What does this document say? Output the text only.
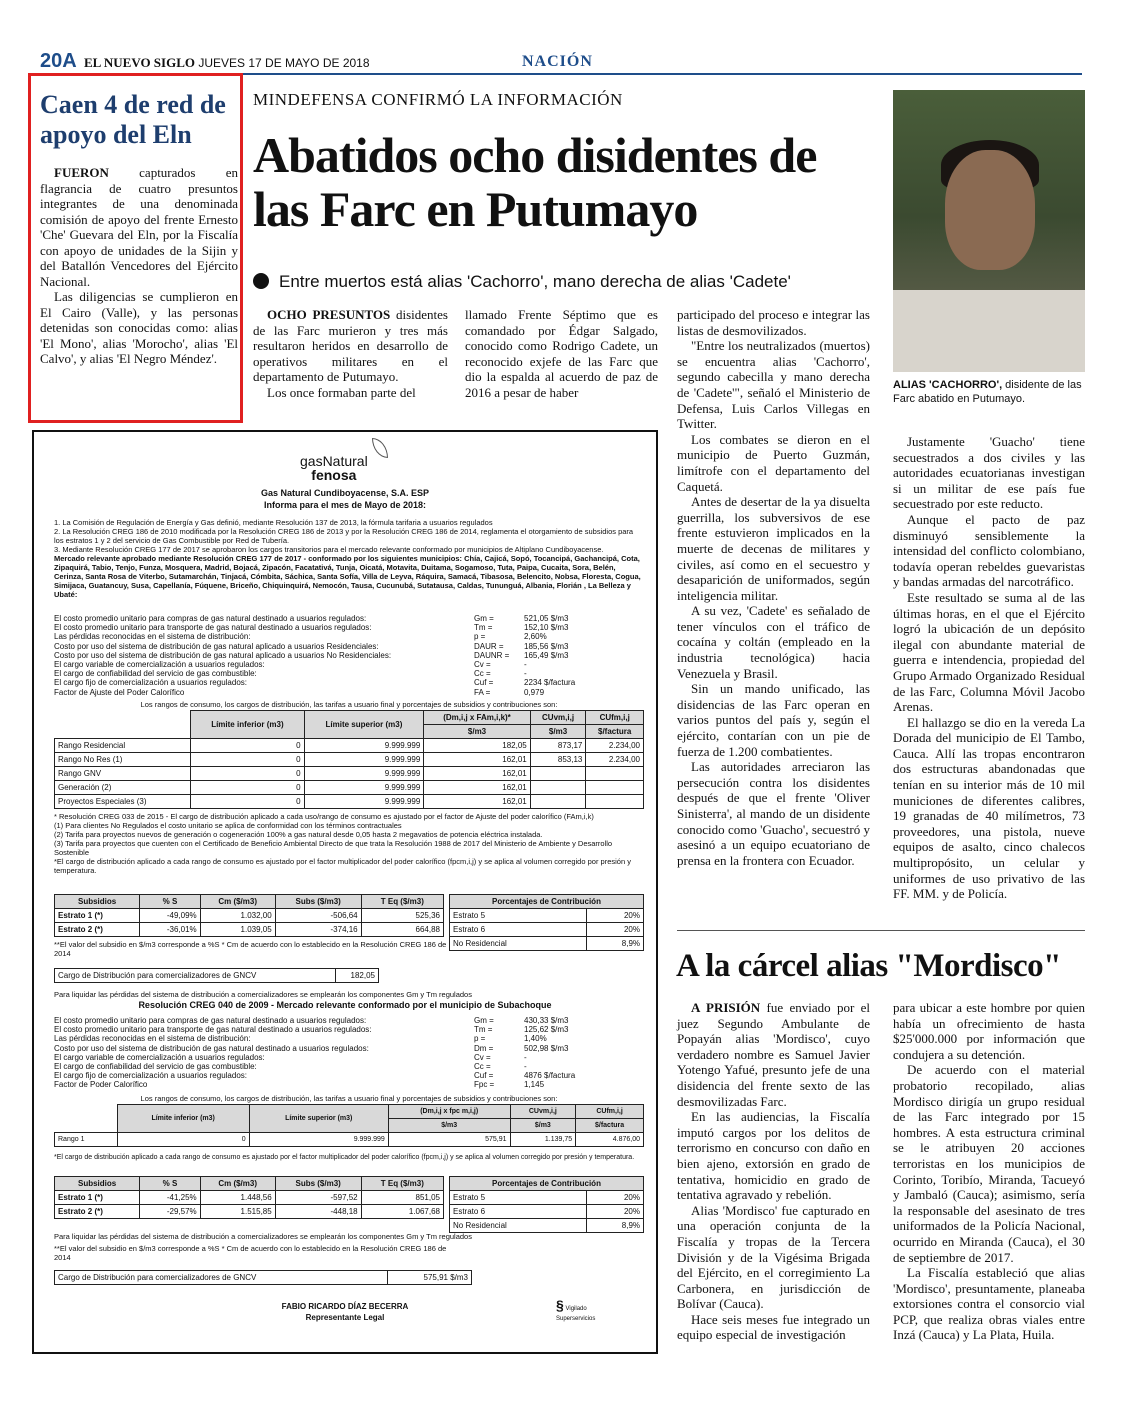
20A EL NUEVO SIGLO JUEVES 17 DE MAYO DE 2018	NACIÓN
Caen 4 de red de apoyo del Eln

FUERON capturados en flagrancia de cuatro presuntos integrantes de una denominada comisión de apoyo del frente Ernesto 'Che' Guevara del Eln, por la Fiscalía con apoyo de unidades de la Sijin y del Batallón Vencedores del Ejército Nacional.

Las diligencias se cumplieron en El Cairo (Valle), y las personas detenidas son conocidas como: alias 'El Mono', alias 'Morocho', alias 'El Calvo', y alias 'El Negro Méndez'.

MINDEFENSA CONFIRMÓ LA INFORMACIÓN
Abatidos ocho disidentes de las Farc en Putumayo
Entre muertos está alias 'Cachorro', mano derecha de alias 'Cadete'

OCHO PRESUNTOS disidentes de las Farc murieron y tres más resultaron heridos en desarrollo de operativos militares en el departamento de Putumayo.

Los once formaban parte del

llamado Frente Séptimo que es comandado por Édgar Salgado, conocido como Rodrigo Cadete, un reconocido exjefe de las Farc que dio la espalda al acuerdo de paz de 2016 a pesar de haber

participado del proceso e integrar las listas de desmovilizados.

"Entre los neutralizados (muertos) se encuentra alias 'Cachorro', segundo cabecilla y mano derecha de 'Cadete'", señaló el Ministerio de Defensa, Luis Carlos Villegas en Twitter.

Los combates se dieron en el municipio de Puerto Guzmán, limítrofe con el departamento del Caquetá.

Antes de desertar de la ya disuelta guerrilla, los subversivos de ese frente estuvieron implicados en la muerte de decenas de militares y civiles, así como en el secuestro y desaparición de uniformados, según inteligencia militar.

A su vez, 'Cadete' es señalado de tener vínculos con el tráfico de cocaína y coltán (empleado en la industria tecnológica) hacia Venezuela y Brasil.

Sin un mando unificado, las disidencias de las Farc operan en varios puntos del país y, según el ejército, contarían con un pie de fuerza de 1.200 combatientes.

Las autoridades arreciaron las persecución contra los disidentes después de que el frente 'Oliver Sinisterra', al mando de un disidente conocido como 'Guacho', secuestró y asesinó a un equipo ecuatoriano de prensa en la frontera con Ecuador.

ALIAS 'CACHORRO', disidente de las Farc abatido en Putumayo.

Justamente 'Guacho' tiene secuestrados a dos civiles y las autoridades ecuatorianas investigan si un militar de ese país fue secuestrado por este reducto.

Aunque el pacto de paz disminuyó sensiblemente la intensidad del conflicto colombiano, todavía operan rebeldes guevaristas y bandas armadas del narcotráfico.

Este resultado se suma al de las últimas horas, en el que el Ejército logró la ubicación de un depósito ilegal con abundante material de guerra e intendencia, propiedad del Grupo Armado Organizado Residual de las Farc, Columna Móvil Jacobo Arenas.

El hallazgo se dio en la vereda La Dorada del municipio de El Tambo, Cauca. Allí las tropas encontraron dos estructuras abandonadas que tenían en su interior más de 10 mil municiones de diferentes calibres, 19 granadas de 40 milímetros, 73 proveedores, una pistola, nueve equipos de asalto, cinco chalecos multipropósito, un celular y uniformes de uso privativo de las FF. MM. y de Policía.

A la cárcel alias "Mordisco"

A PRISIÓN fue enviado por el juez Segundo Ambulante de Popayán alias 'Mordisco', cuyo verdadero nombre es Samuel Javier Yotengo Yafué, presunto jefe de una disidencia del frente sexto de las desmovilizadas Farc.

En las audiencias, la Fiscalía imputó cargos por los delitos de terrorismo en concurso con daño en bien ajeno, extorsión en grado de tentativa, homicidio en grado de tentativa agravado y rebelión.

Alias 'Mordisco' fue capturado en una operación conjunta de la Fiscalía y tropas de la Tercera División y de la Vigésima Brigada del Ejército, en el corregimiento La Carbonera, en jurisdicción de Bolívar (Cauca).

Hace seis meses fue integrado un equipo especial de investigación

para ubicar a este hombre por quien había un ofrecimiento de hasta $25'000.000 por información que condujera a su detención.

De acuerdo con el material probatorio recopilado, alias Mordisco dirigía un grupo residual de las Farc integrado por 15 hombres. A esta estructura criminal se le atribuyen 20 acciones terroristas en los municipios de Corinto, Toribío, Miranda, Tacueyó y Jambaló (Cauca); asimismo, sería la responsable del asesinato de tres uniformados de la Policía Nacional, ocurrido en Miranda (Cauca), el 30 de septiembre de 2017.

La Fiscalía estableció que alias 'Mordisco', presuntamente, planeaba extorsiones contra el consorcio vial PCP, que realiza obras viales entre Inzá (Cauca) y La Plata, Huila.

gasNatural
fenosa
Gas Natural Cundiboyacense, S.A. ESP
Informa para el mes de Mayo de 2018:
1. La Comisión de Regulación de Energía y Gas definió, mediante Resolución 137 de 2013, la fórmula tarifaria a usuarios regulados
2. La Resolución CREG 186 de 2010 modificada por la Resolución CREG 186 de 2013 y por la Resolución CREG 186 de 2014, reglamenta el otorgamiento de subsidios para los estratos 1 y 2 del servicio de Gas Combustible por Red de Tubería.
3. Mediante Resolución CREG 177 de 2017 se aprobaron los cargos transitorios para el mercado relevante conformado por municipios de Altiplano Cundiboyacense.
Mercado relevante aprobado mediante Resolución CREG 177 de 2017 - conformado por los siguientes municipios: Chía, Cajicá, Sopó, Tocancipá, Gachancipá, Cota, Zipaquirá, Tabio, Tenjo, Funza, Mosquera, Madrid, Bojacá, Zipacón, Facatativá, Tunja, Oicatá, Motavita, Duitama, Sogamoso, Tuta, Paipa, Cucaita, Sora, Belén, Cerinza, Santa Rosa de Viterbo, Sutamarchán, Tinjacá, Cómbita, Sáchica, Santa Sofía, Villa de Leyva, Ráquira, Samacá, Tibasosa, Belencito, Nobsa, Floresta, Cogua, Simijaca, Guatancuy, Susa, Capellanía, Fúquene, Briceño, Chiquinquirá, Nemocón, Tausa, Cucunubá, Sutatausa, Caldas, Tununguá, Albania, Florián , La Bellezа y Ubaté:
El costo promedio unitario para compras de gas natural destinado a usuarios regulados:	Gm =	521,05 $/m3
El costo promedio unitario para transporte de gas natural destinado a usuarios regulados:	Tm =	152,10 $/m3
Las pérdidas reconocidas en el sistema de distribución:	p =	2,60%
Costo por uso del sistema de distribución de gas natural aplicado a usuarios Residenciales:	DAUR =	185,56 $/m3
Costo por uso del sistema de distribución de gas natural aplicado a usuarios No Residenciales:	DAUNR =	165,49 $/m3
El cargo variable de comercialización a usuarios regulados:	Cv =	-
El cargo de confiabilidad del servicio de gas combustible:	Cc =	-
El cargo fijo de comercialización a usuarios regulados:	Cuf =	2234 $/factura
Factor de Ajuste del Poder Calorífico	FA =	0,979
Los rangos de consumo, los cargos de distribución, las tarifas a usuario final y porcentajes de subsidios y contribuciones son:
	Límite inferior (m3)	Límite superior (m3)	(Dm,i,j x FAm,i,k)*	CUvm,i,j	CUfm,i,j
			$/m3	$/m3	$/factura
Rango Residencial	0	9.999.999	182,05	873,17	2.234,00
Rango No Res (1)	0	9.999.999	162,01	853,13	2.234,00
Rango GNV	0	9.999.999	162,01		
Generación (2)	0	9.999.999	162,01		
Proyectos Especiales (3)	0	9.999.999	162,01		
* Resolución CREG 033 de 2015 - El cargo de distribución aplicado a cada uso/rango de consumo es ajustado por el factor de Ajuste del poder calorífico (FAm,i,k)
(1) Para clientes No Regulados el costo unitario se aplica de conformidad con los términos contractuales
(2) Tarifa para proyectos nuevos de generación o cogeneración 100% a gas natural desde 0,05 hasta 2 megavatios de potencia eléctrica instalada.
(3) Tarifa para proyectos que cuenten con el Certificado de Beneficio Ambiental Directo de que trata la Resolución 1988 de 2017 del Ministerio de Ambiente y Desarrollo Sostenible
*El cargo de distribución aplicado a cada rango de consumo es ajustado por el factor multiplicador del poder calorífico (fpcm,i,j) y se aplica al volumen corregido por presión y temperatura.
Subsidios	% S	Cm ($/m3)	Subs ($/m3)	T Eq ($/m3)
Estrato 1 (*)	-49,09%	1.032,00	-506,64	525,36
Estrato 2 (*)	-36,01%	1.039,05	-374,16	664,88
Porcentajes de Contribución	
Estrato 5	20%
Estrato 6	20%
No Residencial	8,9%
**El valor del subsidio en $/m3 corresponde a %S * Cm de acuerdo con lo establecido en la Resolución CREG 186 de 2014
Cargo de Distribución para comercializadores de GNCV	182,05
Para liquidar las pérdidas del sistema de distribución a comercializadores se emplearán los componentes Gm y Tm regulados
Resolución CREG 040 de 2009 - Mercado relevante conformado por el municipio de Subachoque
El costo promedio unitario para compras de gas natural destinado a usuarios regulados:	Gm =	430,33 $/m3
El costo promedio unitario para transporte de gas natural destinado a usuarios regulados:	Tm =	125,62 $/m3
Las pérdidas reconocidas en el sistema de distribución:	p =	1,40%
Costo por uso del sistema de distribución de gas natural destinado a usuarios regulados:	Dm =	502,98 $/m3
El cargo variable de comercialización a usuarios regulados:	Cv =	-
El cargo de confiabilidad del servicio de gas combustible:	Cc =	-
El cargo fijo de comercialización a usuarios regulados:	Cuf =	4876 $/factura
Factor de Poder Calorífico	Fpc =	1,145
Los rangos de consumo, los cargos de distribución, las tarifas a usuario final y porcentajes de subsidios y contribuciones son:
	Límite inferior (m3)	Límite superior (m3)	(Dm,i,j x fpc m,i,j)	CUvm,i,j	CUfm,i,j
			$/m3	$/m3	$/factura
Rango 1	0	9.999.999	575,91	1.139,75	4.876,00
*El cargo de distribución aplicado a cada rango de consumo es ajustado por el factor multiplicador del poder calorífico (fpcm,i,j) y se aplica al volumen corregido por presión y temperatura.
Subsidios	% S	Cm ($/m3)	Subs ($/m3)	T Eq ($/m3)
Estrato 1 (*)	-41,25%	1.448,56	-597,52	851,05
Estrato 2 (*)	-29,57%	1.515,85	-448,18	1.067,68
Porcentajes de Contribución	
Estrato 5	20%
Estrato 6	20%
No Residencial	8,9%
Para liquidar las pérdidas del sistema de distribución a comercializadores se emplearán los componentes Gm y Tm regulados
**El valor del subsidio en $/m3 corresponde a %S * Cm de acuerdo con lo establecido en la Resolución CREG 186 de 2014
Cargo de Distribución para comercializadores de GNCV	575,91 $/m3
FABIO RICARDO DÍAZ BECERRA
Representante Legal
§ Vigilado Superservicios
